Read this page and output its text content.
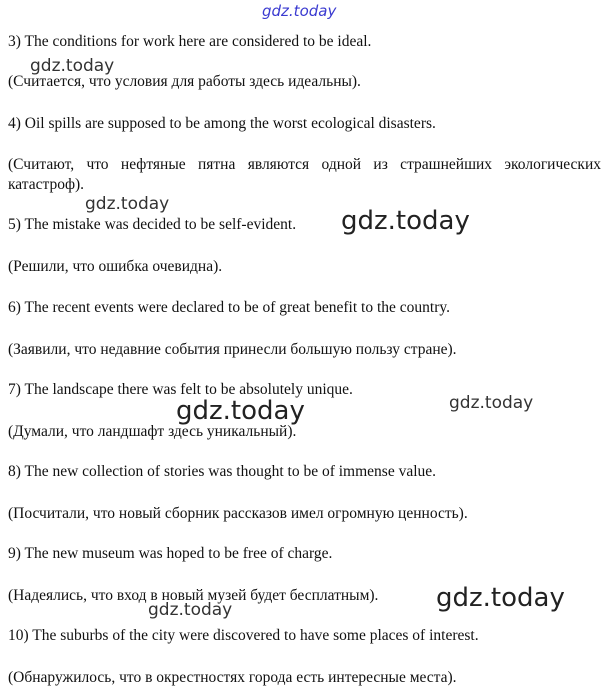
gdz.today
3) The conditions for work here are considered to be ideal.
gdz.today
(Считается, что условия для работы здесь идеальны).
4) Oil spills are supposed to be among the worst ecological disasters.
(Считают, что нефтяные пятна являются одной из страшнейших экологических катастроф).
gdz.today
5) The mistake was decided to be self-evident. gdz.today
(Решили, что ошибка очевидна).
6) The recent events were declared to be of great benefit to the country.
(Заявили, что недавние события принесли большую пользу стране).
7) The landscape there was felt to be absolutely unique.
gdz.today	gdz.today
(Думали, что ландшафт здесь уникальный).
8) The new collection of stories was thought to be of immense value.
(Посчитали, что новый сборник рассказов имел огромную ценность).
9) The new museum was hoped to be free of charge.
(Надеялись, что вход в новый музей будет бесплатным). gdz.today
gdz.today
10) The suburbs of the city were discovered to have some places of interest.
(Обнаружилось, что в окрестностях города есть интересные места).
